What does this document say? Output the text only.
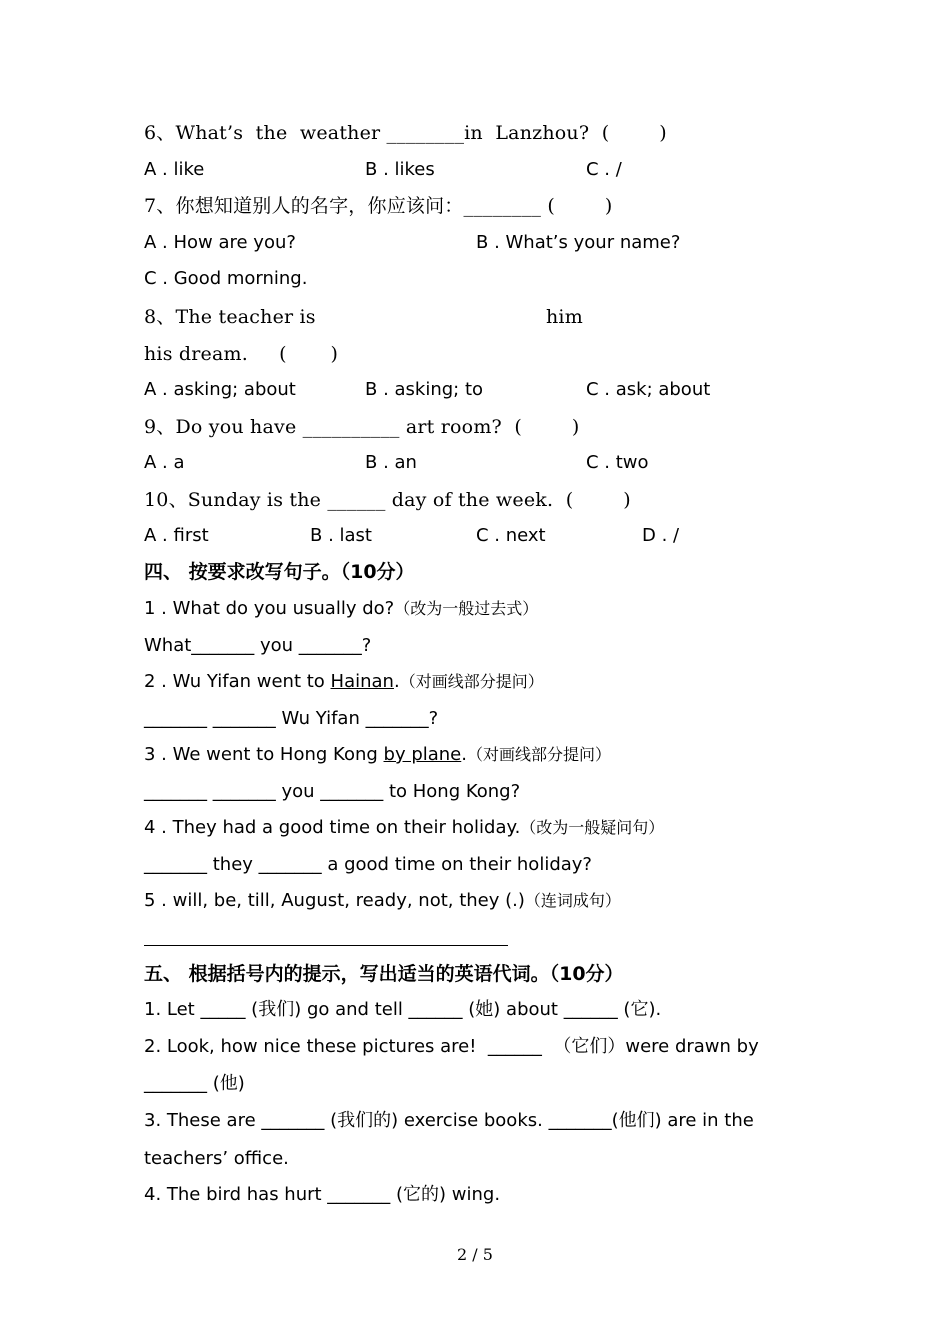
6、What’s  the  weather ________in  Lanzhou?  (        )
A . like	B . likes	C . /
7、你想知道别人的名字，你应该问：________ (        )
A . How are you?	B . What’s your name?
C . Good morning.
8、The teacher is	him
his dream.     (       )
A . asking; about	B . asking; to	C . ask; about
9、Do you have __________ art room?  (        )
A . a	B . an	C . two
10、Sunday is the ______ day of the week.  (        )
A . first	B . last	C . next	D . /
四、 按要求改写句子。（10分）
1 . What do you usually do?（改为一般过去式）
What_______ you _______?
2 . Wu Yifan went to Hainan.（对画线部分提问）
_______ _______ Wu Yifan _______?
3 . We went to Hong Kong by plane.（对画线部分提问）
_______ _______ you _______ to Hong Kong?
4 . They had a good time on their holiday.（改为一般疑问句）
_______ they _______ a good time on their holiday?
5 . will, be, till, August, ready, not, they (.)（连词成句）
五、 根据括号内的提示，写出适当的英语代词。（10分）
1. Let _____ (我们) go and tell ______ (她) about ______ (它).
2. Look, how nice these pictures are!  ______  （它们）were drawn by
_______ (他)
3. These are _______ (我们的) exercise books. _______(他们) are in the
teachers’ office.
4. The bird has hurt _______ (它的) wing.
2 / 5
